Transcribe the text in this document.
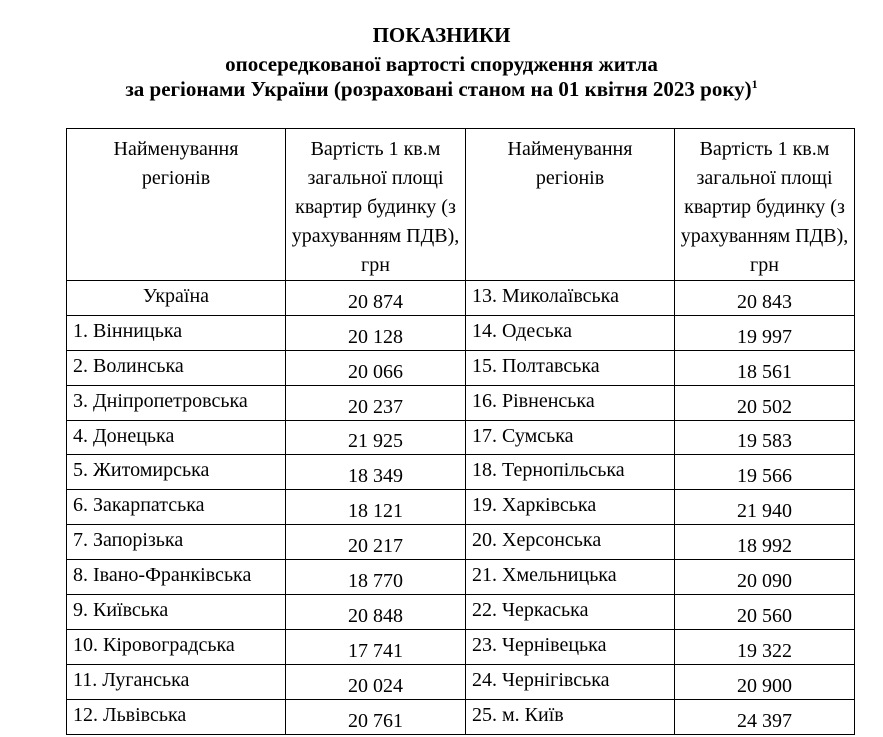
ПОКАЗНИКИ
опосередкованої вартості спорудження житла
за регіонами України (розраховані станом на 01 квітня 2023 року)$^1$
Найменування регіонів	Вартість 1 кв.м загальної площі квартир будинку (з урахуванням ПДВ), грн	Найменування регіонів	Вартість 1 кв.м загальної площі квартир будинку (з урахуванням ПДВ), грн
Україна	20 874	13. Миколаївська	20 843
1. Вінницька	20 128	14. Одеська	19 997
2. Волинська	20 066	15. Полтавська	18 561
3. Дніпропетровська	20 237	16. Рівненська	20 502
4. Донецька	21 925	17. Сумська	19 583
5. Житомирська	18 349	18. Тернопільська	19 566
6. Закарпатська	18 121	19. Харківська	21 940
7. Запорізька	20 217	20. Херсонська	18 992
8. Івано-Франківська	18 770	21. Хмельницька	20 090
9. Київська	20 848	22. Черкаська	20 560
10. Кіровоградська	17 741	23. Чернівецька	19 322
11. Луганська	20 024	24. Чернігівська	20 900
12. Львівська	20 761	25. м. Київ	24 397
